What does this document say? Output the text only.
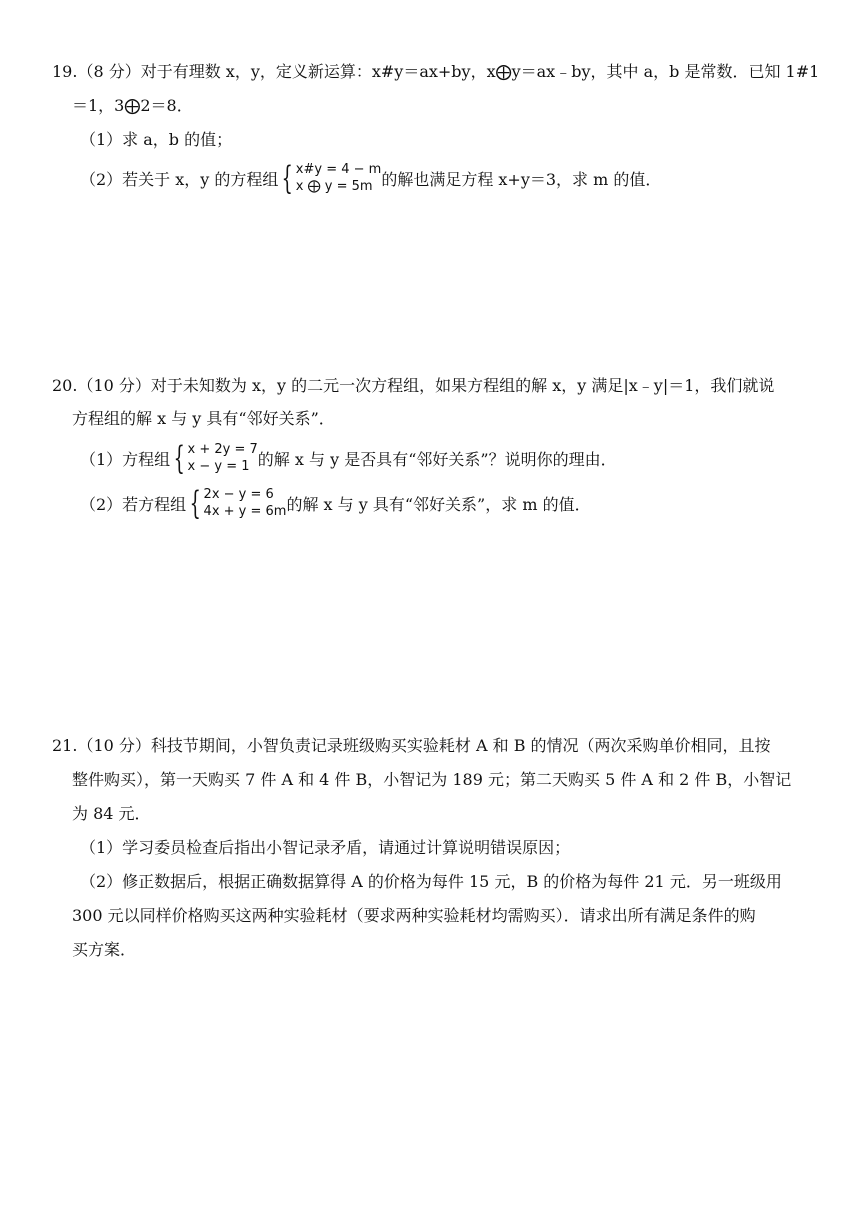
19.（8 分）对于有理数 x，y，定义新运算：x#y＝ax+by，x⨁y＝ax﹣by，其中 a，b 是常数．已知 1#1
＝1，3⨁2＝8．
（1）求 a，b 的值；
（2）若关于 x，y 的方程组 { x#y = 4 − m
x ⨁ y = 5m 的解也满足方程 x+y＝3，求 m 的值．
20.（10 分）对于未知数为 x，y 的二元一次方程组，如果方程组的解 x，y 满足|x﹣y|＝1，我们就说
方程组的解 x 与 y 具有“邻好关系”．
（1）方程组 { x + 2y = 7
x − y = 1 的解 x 与 y 是否具有“邻好关系”？说明你的理由．
（2）若方程组 { 2x − y = 6
4x + y = 6m 的解 x 与 y 具有“邻好关系”，求 m 的值．
21.（10 分）科技节期间，小智负责记录班级购买实验耗材 A 和 B 的情况（两次采购单价相同，且按
整件购买），第一天购买 7 件 A 和 4 件 B，小智记为 189 元；第二天购买 5 件 A 和 2 件 B，小智记
为 84 元．
（1）学习委员检查后指出小智记录矛盾，请通过计算说明错误原因；
（2）修正数据后，根据正确数据算得 A 的价格为每件 15 元，B 的价格为每件 21 元．另一班级用
300 元以同样价格购买这两种实验耗材（要求两种实验耗材均需购买）．请求出所有满足条件的购
买方案．
